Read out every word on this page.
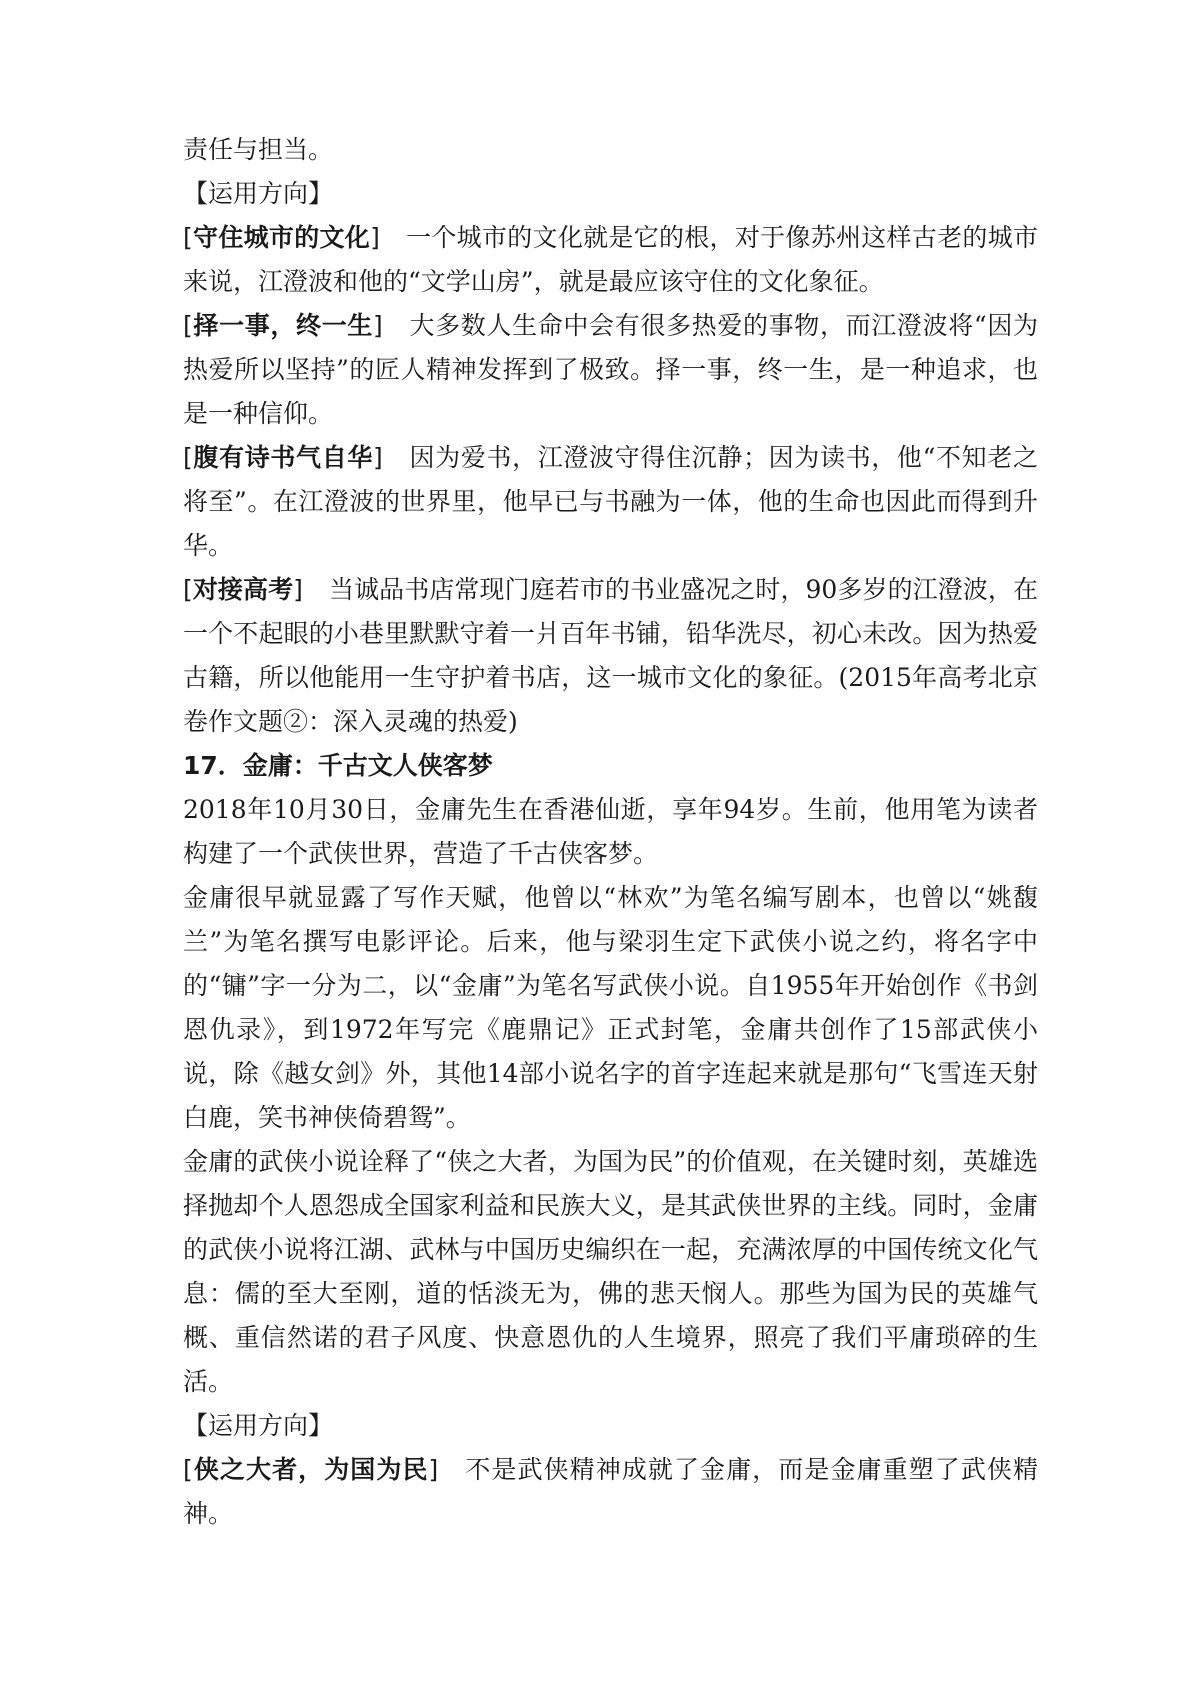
责任与担当。

【运用方向】

[守住城市的文化] 一个城市的文化就是它的根，对于像苏州这样古老的城市来说，江澄波和他的“文学山房”，就是最应该守住的文化象征。

[择一事，终一生] 大多数人生命中会有很多热爱的事物，而江澄波将“因为热爱所以坚持”的匠人精神发挥到了极致。择一事，终一生，是一种追求，也是一种信仰。

[腹有诗书气自华] 因为爱书，江澄波守得住沉静；因为读书，他“不知老之将至”。在江澄波的世界里，他早已与书融为一体，他的生命也因此而得到升华。

[对接高考] 当诚品书店常现门庭若市的书业盛况之时，90多岁的江澄波，在一个不起眼的小巷里默默守着一爿百年书铺，铅华洗尽，初心未改。因为热爱古籍，所以他能用一生守护着书店，这一城市文化的象征。(2015年高考北京卷作文题②：深入灵魂的热爱)

17．金庸：千古文人侠客梦

2018年10月30日，金庸先生在香港仙逝，享年94岁。生前，他用笔为读者构建了一个武侠世界，营造了千古侠客梦。

金庸很早就显露了写作天赋，他曾以“林欢”为笔名编写剧本，也曾以“姚馥兰”为笔名撰写电影评论。后来，他与梁羽生定下武侠小说之约，将名字中的“镛”字一分为二，以“金庸”为笔名写武侠小说。自1955年开始创作《书剑恩仇录》，到1972年写完《鹿鼎记》正式封笔，金庸共创作了15部武侠小说，除《越女剑》外，其他14部小说名字的首字连起来就是那句“飞雪连天射白鹿，笑书神侠倚碧鸳”。

金庸的武侠小说诠释了“侠之大者，为国为民”的价值观，在关键时刻，英雄选择抛却个人恩怨成全国家利益和民族大义，是其武侠世界的主线。同时，金庸的武侠小说将江湖、武林与中国历史编织在一起，充满浓厚的中国传统文化气息：儒的至大至刚，道的恬淡无为，佛的悲天悯人。那些为国为民的英雄气概、重信然诺的君子风度、快意恩仇的人生境界，照亮了我们平庸琐碎的生活。

【运用方向】

[侠之大者，为国为民] 不是武侠精神成就了金庸，而是金庸重塑了武侠精神。
